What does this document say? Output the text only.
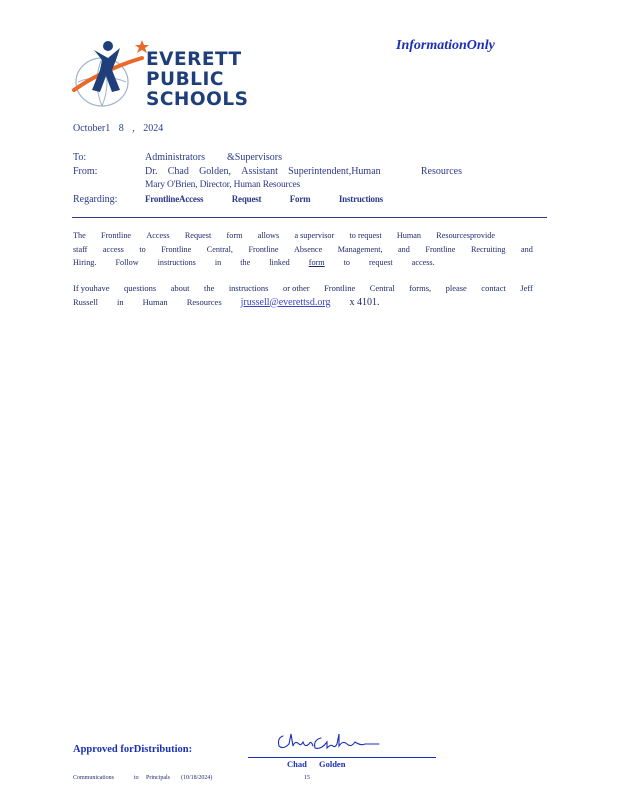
EVERETT
PUBLIC
SCHOOLS
InformationOnly
October1 8 , 2024
To:	Administrators &Supervisors
From:	Dr. Chad Golden, Assistant Superintendent,Human	Resources
Mary O'Brien, Director, Human Resources
Regarding:	FrontlineAccess	Request	Form	Instructions
The Frontline Access Request form allows a supervisor to request Human Resourcesprovide
staff access to Frontline Central, Frontline Absence Management, and Frontline Recruiting and
Hiring. Follow instructions in the linked form to request access.
If youhave questions about the instructions or other Frontline Central forms, please contact Jeff
Russell in Human Resources jrussell@everettsd.org x 4101.
Approved forDistribution:
Chad Golden
Communications	to Principals (10/18/2024)	15
